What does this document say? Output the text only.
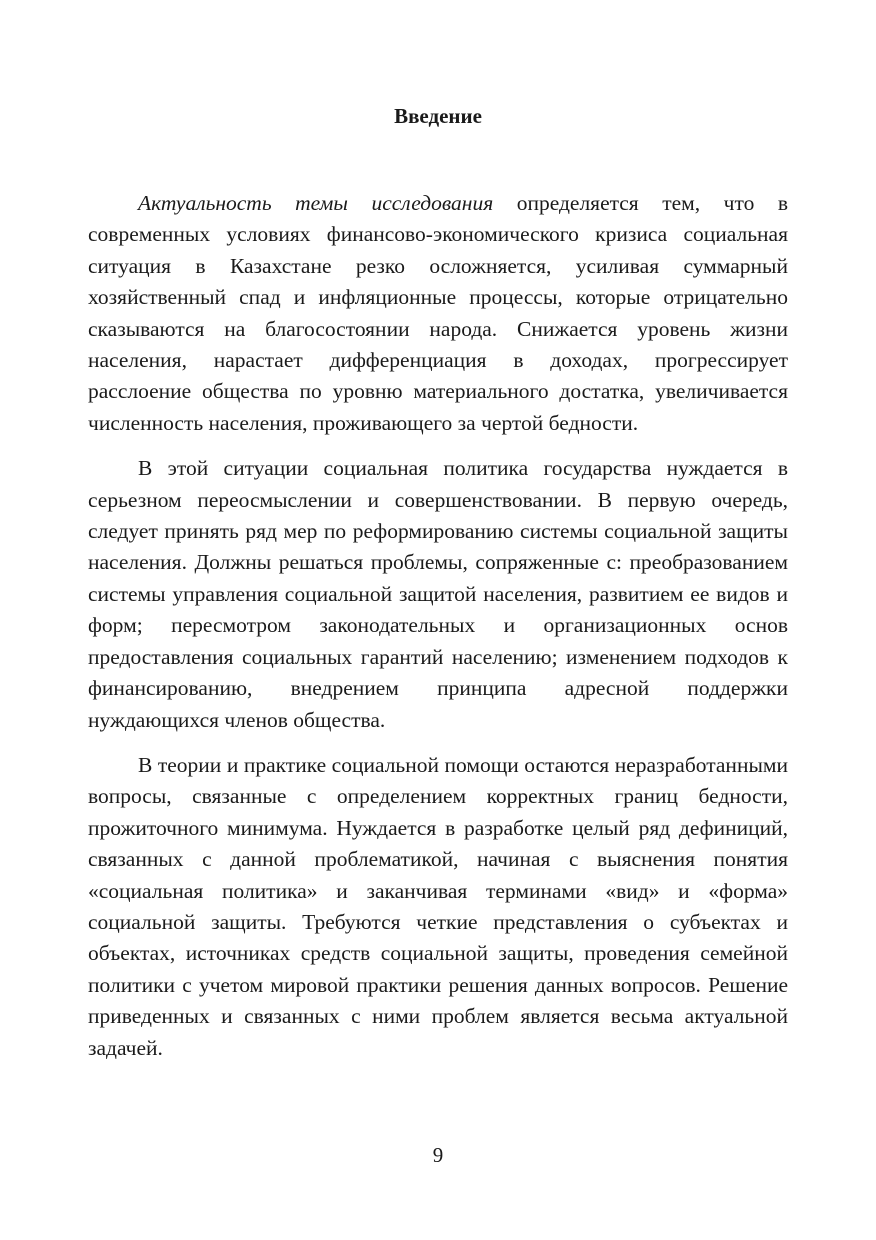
Введение

Актуальность темы исследования определяется тем, что в современных условиях финансово-экономического кризиса социальная ситуация в Казахстане резко осложняется, усиливая суммарный хозяйственный спад и инфляционные процессы, которые отрицательно сказываются на благосостоянии народа. Снижается уровень жизни населения, нарастает дифференциация в доходах, прогрессирует расслоение общества по уровню материального достатка, увеличивается численность населения, проживающего за чертой бедности.

В этой ситуации социальная политика государства нуждается в серьезном переосмыслении и совершенствовании. В первую очередь, следует принять ряд мер по реформированию системы социальной защиты населения. Должны решаться проблемы, сопряженные с: преобразованием системы управления социальной защитой населения, развитием ее видов и форм; пересмотром законодательных и организационных основ предоставления социальных гарантий населению; изменением подходов к финансированию, внедрением принципа адресной поддержки нуждающихся членов общества.

В теории и практике социальной помощи остаются неразработанными вопросы, связанные с определением корректных границ бедности, прожиточного минимума. Нуждается в разработке целый ряд дефиниций, связанных с данной проблематикой, начиная с выяснения понятия «социальная политика» и заканчивая терминами «вид» и «форма» социальной защиты. Требуются четкие представления о субъектах и объектах, источниках средств социальной защиты, проведения семейной политики с учетом мировой практики решения данных вопросов. Решение приведенных и связанных с ними проблем является весьма актуальной задачей.

9
